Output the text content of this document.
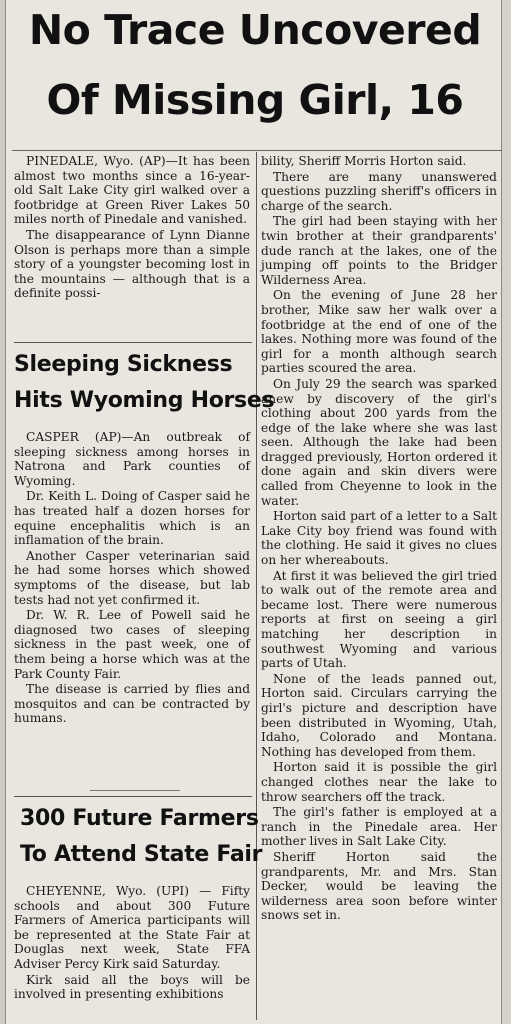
No Trace Uncovered
Of Missing Girl, 16

PINEDALE, Wyo. (AP)—It has been almost two months since a 16-year-old Salt Lake City girl walked over a footbridge at Green River Lakes 50 miles north of Pinedale and vanished.

The disappearance of Lynn Dianne Olson is perhaps more than a simple story of a youngster becoming lost in the mountains — although that is a definite possi-

Sleeping Sickness
Hits Wyoming Horses

CASPER (AP)—An outbreak of sleeping sickness among horses in Natrona and Park counties of Wyoming.

Dr. Keith L. Doing of Casper said he has treated half a dozen horses for equine encephalitis which is an inflamation of the brain.

Another Casper veterinarian said he had some horses which showed symptoms of the disease, but lab tests had not yet confirmed it.

Dr. W. R. Lee of Powell said he diagnosed two cases of sleeping sickness in the past week, one of them being a horse which was at the Park County Fair.

The disease is carried by flies and mosquitos and can be contracted by humans.

300 Future Farmers
To Attend State Fair

CHEYENNE, Wyo. (UPI) — Fifty schools and about 300 Future Farmers of America participants will be represented at the State Fair at Douglas next week, State FFA Adviser Percy Kirk said Saturday.

Kirk said all the boys will be involved in presenting exhibitions

bility, Sheriff Morris Horton said.

There are many unanswered questions puzzling sheriff's officers in charge of the search.

The girl had been staying with her twin brother at their grandparents' dude ranch at the lakes, one of the jumping off points to the Bridger Wilderness Area.

On the evening of June 28 her brother, Mike saw her walk over a footbridge at the end of one of the lakes. Nothing more was found of the girl for a month although search parties scoured the area.

On July 29 the search was sparked anew by discovery of the girl's clothing about 200 yards from the edge of the lake where she was last seen. Although the lake had been dragged previously, Horton ordered it done again and skin divers were called from Cheyenne to look in the water.

Horton said part of a letter to a Salt Lake City boy friend was found with the clothing. He said it gives no clues on her whereabouts.

At first it was believed the girl tried to walk out of the remote area and became lost. There were numerous reports at first on seeing a girl matching her description in southwest Wyoming and various parts of Utah.

None of the leads panned out, Horton said. Circulars carrying the girl's picture and description have been distributed in Wyoming, Utah, Idaho, Colorado and Montana. Nothing has developed from them.

Horton said it is possible the girl changed clothes near the lake to throw searchers off the track.

The girl's father is employed at a ranch in the Pinedale area. Her mother lives in Salt Lake City.

Sheriff Horton said the grandparents, Mr. and Mrs. Stan Decker, would be leaving the wilderness area soon before winter snows set in.
